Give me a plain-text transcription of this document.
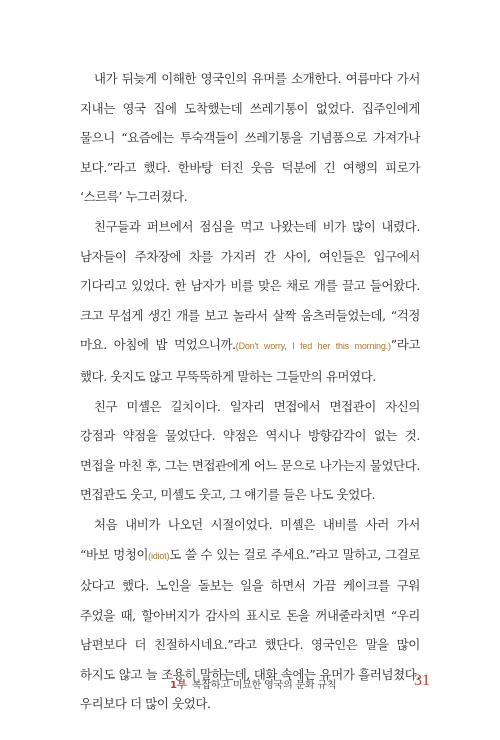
내가 뒤늦게 이해한 영국인의 유머를 소개한다. 여름마다 가서 지내는 영국 집에 도착했는데 쓰레기통이 없었다. 집주인에게 물으니 “요즘에는 투숙객들이 쓰레기통을 기념품으로 가져가나 보다.”라고 했다. 한바탕 터진 웃음 덕분에 긴 여행의 피로가 ‘스르륵’ 누그러졌다.

친구들과 퍼브에서 점심을 먹고 나왔는데 비가 많이 내렸다. 남자들이 주차장에 차를 가지러 간 사이, 여인들은 입구에서 기다리고 있었다. 한 남자가 비를 맞은 채로 개를 끌고 들어왔다. 크고 무섭게 생긴 개를 보고 놀라서 살짝 움츠러들었는데, “걱정 마요. 아침에 밥 먹었으니까.(Don't worry, I fed her this morning.)”라고 했다. 웃지도 않고 무뚝뚝하게 말하는 그들만의 유머였다.

친구 미셸은 길치이다. 일자리 면접에서 면접관이 자신의 강점과 약점을 물었단다. 약점은 역시나 방향감각이 없는 것. 면접을 마친 후, 그는 면접관에게 어느 문으로 나가는지 물었단다. 면접관도 웃고, 미셸도 웃고, 그 얘기를 들은 나도 웃었다.

처음 내비가 나오던 시절이었다. 미셸은 내비를 사러 가서 “바보 멍청이(idiot)도 쓸 수 있는 걸로 주세요.”라고 말하고, 그걸로 샀다고 했다. 노인을 돌보는 일을 하면서 가끔 케이크를 구워 주었을 때, 할아버지가 감사의 표시로 돈을 꺼내줄라치면 “우리 남편보다 더 친절하시네요.”라고 했단다. 영국인은 말을 많이 하지도 않고 늘 조용히 말하는데, 대화 속에는 유머가 흘러넘쳤다. 우리보다 더 많이 웃었다.

1부 복잡하고 미묘한 영국의 문화 규칙	31
